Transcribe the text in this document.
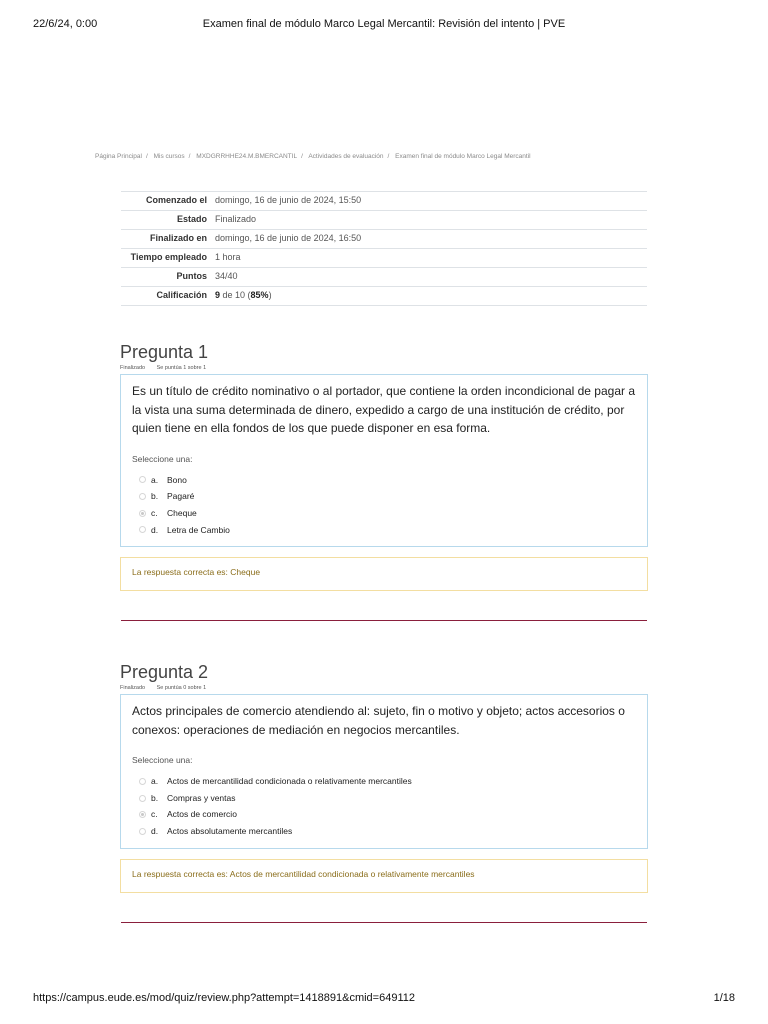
22/6/24, 0:00	Examen final de módulo Marco Legal Mercantil: Revisión del intento | PVE
Página Principal / Mis cursos / MXDGRRHHE24.M.BMERCANTIL / Actividades de evaluación / Examen final de módulo Marco Legal Mercantil
Comenzado el	domingo, 16 de junio de 2024, 15:50
Estado	Finalizado
Finalizado en	domingo, 16 de junio de 2024, 16:50
Tiempo empleado	1 hora
Puntos	34/40
Calificación	9 de 10 (85%)
Pregunta 1
Finalizado Se puntúa 1 sobre 1
Es un título de crédito nominativo o al portador, que contiene la orden incondicional de pagar a la vista una suma determinada de dinero, expedido a cargo de una institución de crédito, por quien tiene en ella fondos de los que puede disponer en esa forma.
Seleccione una:
a.	Bono
b.	Pagaré
c.	Cheque
d.	Letra de Cambio
La respuesta correcta es: Cheque
Pregunta 2
Finalizado Se puntúa 0 sobre 1
Actos principales de comercio atendiendo al: sujeto, fin o motivo y objeto; actos accesorios o conexos: operaciones de mediación en negocios mercantiles.
Seleccione una:
a.	Actos de mercantilidad condicionada o relativamente mercantiles
b.	Compras y ventas
c.	Actos de comercio
d.	Actos absolutamente mercantiles
La respuesta correcta es: Actos de mercantilidad condicionada o relativamente mercantiles
https://campus.eude.es/mod/quiz/review.php?attempt=1418891&cmid=649112	1/18
